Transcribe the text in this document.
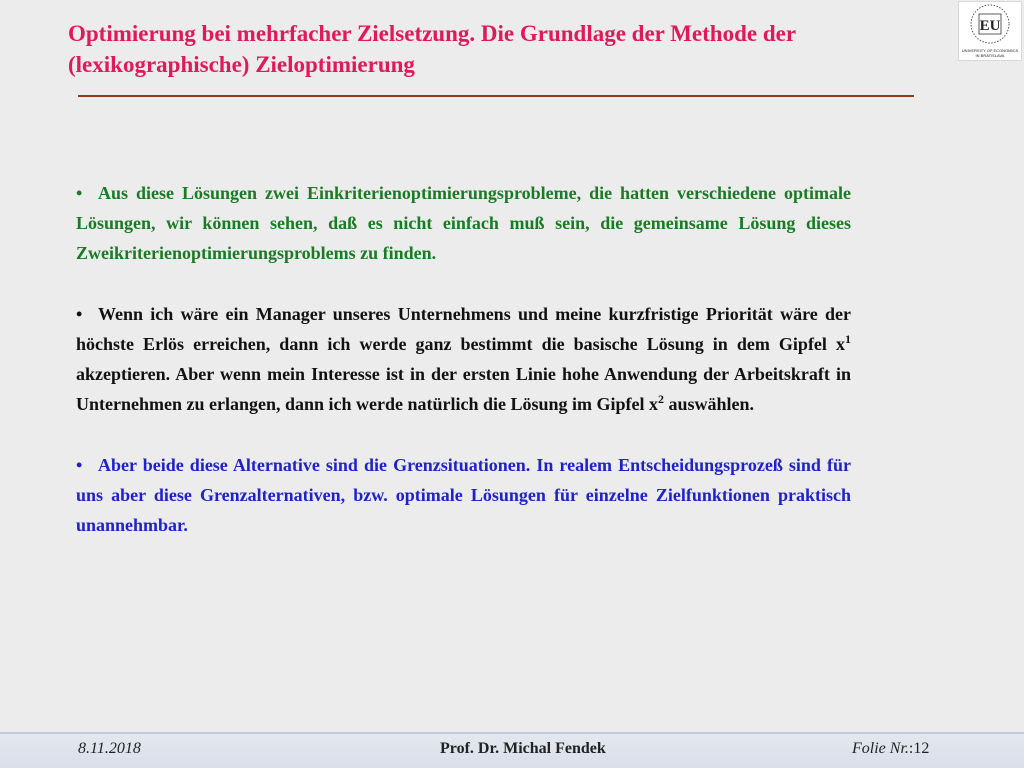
Optimierung bei mehrfacher Zielsetzung. Die Grundlage der Methode der
(lexikographische) Zieloptimierung
EU
UNIVERSITY OF ECONOMICS
IN BRATISLAVA

• Aus diese Lösungen zwei Einkriterienoptimierungsprobleme, die hatten verschiedene optimale Lösungen, wir können sehen, daß es nicht einfach muß sein, die gemeinsame Lösung dieses Zweikriterienoptimierungsproblems zu finden.

• Wenn ich wäre ein Manager unseres Unternehmens und meine kurzfristige Priorität wäre der höchste Erlös erreichen, dann ich werde ganz bestimmt die basische Lösung in dem Gipfel $x^1$ akzeptieren. Aber wenn mein Interesse ist in der ersten Linie hohe Anwendung der Arbeitskraft in Unternehmen zu erlangen, dann ich werde natürlich die Lösung im Gipfel $x^2$ auswählen.

• Aber beide diese Alternative sind die Grenzsituationen. In realem Entscheidungsprozeß sind für uns aber diese Grenzalternativen, bzw. optimale Lösungen für einzelne Zielfunktionen praktisch unannehmbar.

8.11.2018	Prof. Dr. Michal Fendek	Folie Nr.:12
